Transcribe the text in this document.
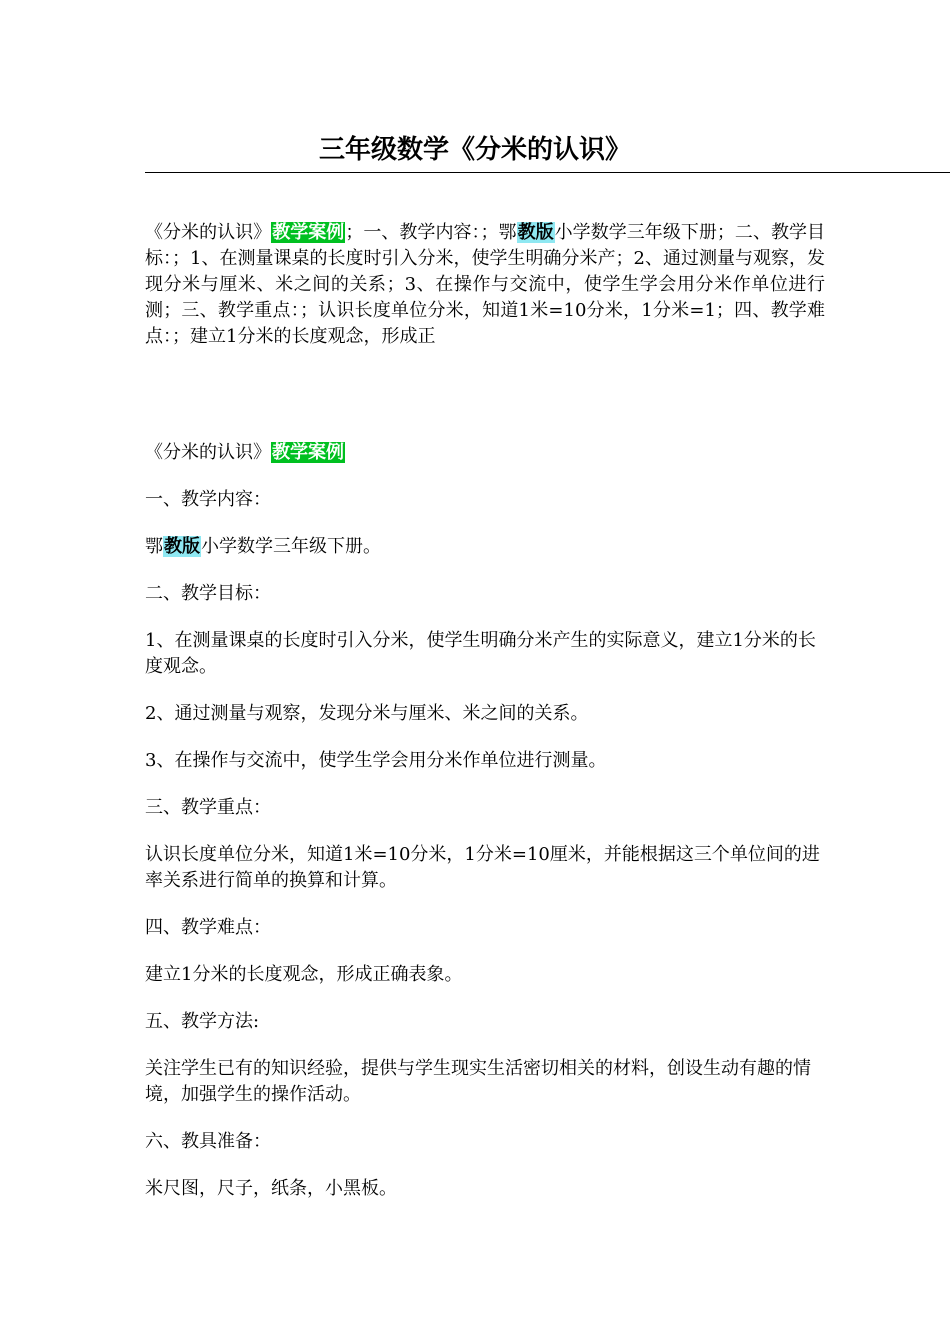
三年级数学《分米的认识》

《分米的认识》教学案例；一、教学内容：；鄂教版小学数学三年级下册；二、教学目标：；1、在测量课桌的长度时引入分米，使学生明确分米产；2、通过测量与观察，发现分米与厘米、米之间的关系；3、在操作与交流中，使学生学会用分米作单位进行测；三、教学重点：；认识长度单位分米，知道1米=10分米，1分米=1；四、教学难点：；建立1分米的长度观念，形成正

《分米的认识》教学案例

一、教学内容：

鄂教版小学数学三年级下册。

二、教学目标：

1、在测量课桌的长度时引入分米，使学生明确分米产生的实际意义，建立1分米的长度观念。

2、通过测量与观察，发现分米与厘米、米之间的关系。

3、在操作与交流中，使学生学会用分米作单位进行测量。

三、教学重点：

认识长度单位分米，知道1米=10分米，1分米=10厘米，并能根据这三个单位间的进率关系进行简单的换算和计算。

四、教学难点：

建立1分米的长度观念，形成正确表象。

五、教学方法:

关注学生已有的知识经验，提供与学生现实生活密切相关的材料，创设生动有趣的情境，加强学生的操作活动。

六、教具准备：

米尺图，尺子，纸条，小黑板。
